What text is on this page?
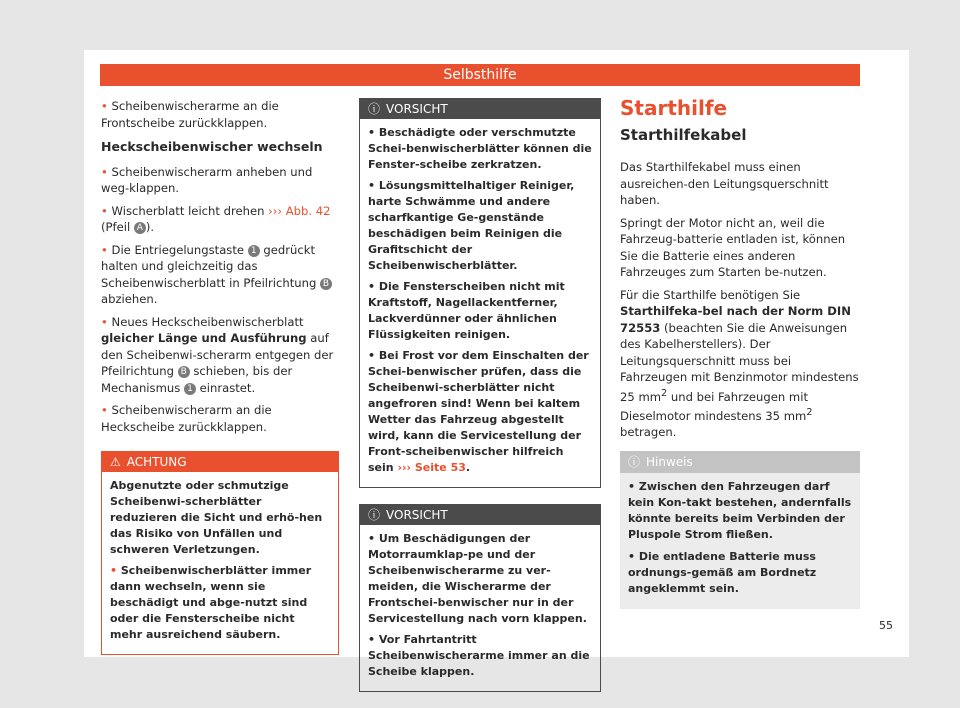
Selbsthilfe

• Scheibenwischerarme an die Frontscheibe zurückklappen.

Heckscheibenwischer wechseln

• Scheibenwischerarm anheben und weg-klappen.

• Wischerblatt leicht drehen ››› Abb. 42
(Pfeil A ).

• Die Entriegelungstaste 1 gedrückt halten und gleichzeitig das Scheibenwischerblatt in Pfeilrichtung B abziehen.

• Neues Heckscheibenwischerblatt gleicher Länge und Ausführung auf den Scheibenwi-scherarm entgegen der Pfeilrichtung B schieben, bis der Mechanismus 1 einrastet.

• Scheibenwischerarm an die Heckscheibe zurückklappen.

⚠ ACHTUNG

Abgenutzte oder schmutzige Scheibenwi-scherblätter reduzieren die Sicht und erhö-hen das Risiko von Unfällen und schweren Verletzungen.

• Scheibenwischerblätter immer dann wechseln, wenn sie beschädigt und abge-nutzt sind oder die Fensterscheibe nicht mehr ausreichend säubern.

ⓘ VORSICHT

• Beschädigte oder verschmutzte Schei-benwischerblätter können die Fenster-scheibe zerkratzen.

• Lösungsmittelhaltiger Reiniger, harte Schwämme und andere scharfkantige Ge-genstände beschädigen beim Reinigen die Grafitschicht der Scheibenwischerblätter.

• Die Fensterscheiben nicht mit Kraftstoff, Nagellackentferner, Lackverdünner oder ähnlichen Flüssigkeiten reinigen.

• Bei Frost vor dem Einschalten der Schei-benwischer prüfen, dass die Scheibenwi-scherblätter nicht angefroren sind! Wenn bei kaltem Wetter das Fahrzeug abgestellt wird, kann die Servicestellung der Front-scheibenwischer hilfreich sein ››› Seite 53.

ⓘ VORSICHT

• Um Beschädigungen der Motorraumklap-pe und der Scheibenwischerarme zu ver-meiden, die Wischerarme der Frontschei-benwischer nur in der Servicestellung nach vorn klappen.

• Vor Fahrtantritt Scheibenwischerarme immer an die Scheibe klappen.

Starthilfe
Starthilfekabel

Das Starthilfekabel muss einen ausreichen-den Leitungsquerschnitt haben.

Springt der Motor nicht an, weil die Fahrzeug-batterie entladen ist, können Sie die Batterie eines anderen Fahrzeuges zum Starten be-nutzen.

Für die Starthilfe benötigen Sie Starthilfeka-bel nach der Norm DIN 72553 (beachten Sie die Anweisungen des Kabelherstellers). Der Leitungsquerschnitt muss bei Fahrzeugen mit Benzinmotor mindestens 25 $mm^2$ und bei Fahrzeugen mit Dieselmotor mindestens 35 $mm^2$ betragen.

ⓘ Hinweis

• Zwischen den Fahrzeugen darf kein Kon-takt bestehen, andernfalls könnte bereits beim Verbinden der Pluspole Strom fließen.

• Die entladene Batterie muss ordnungs-gemäß am Bordnetz angeklemmt sein.

55
